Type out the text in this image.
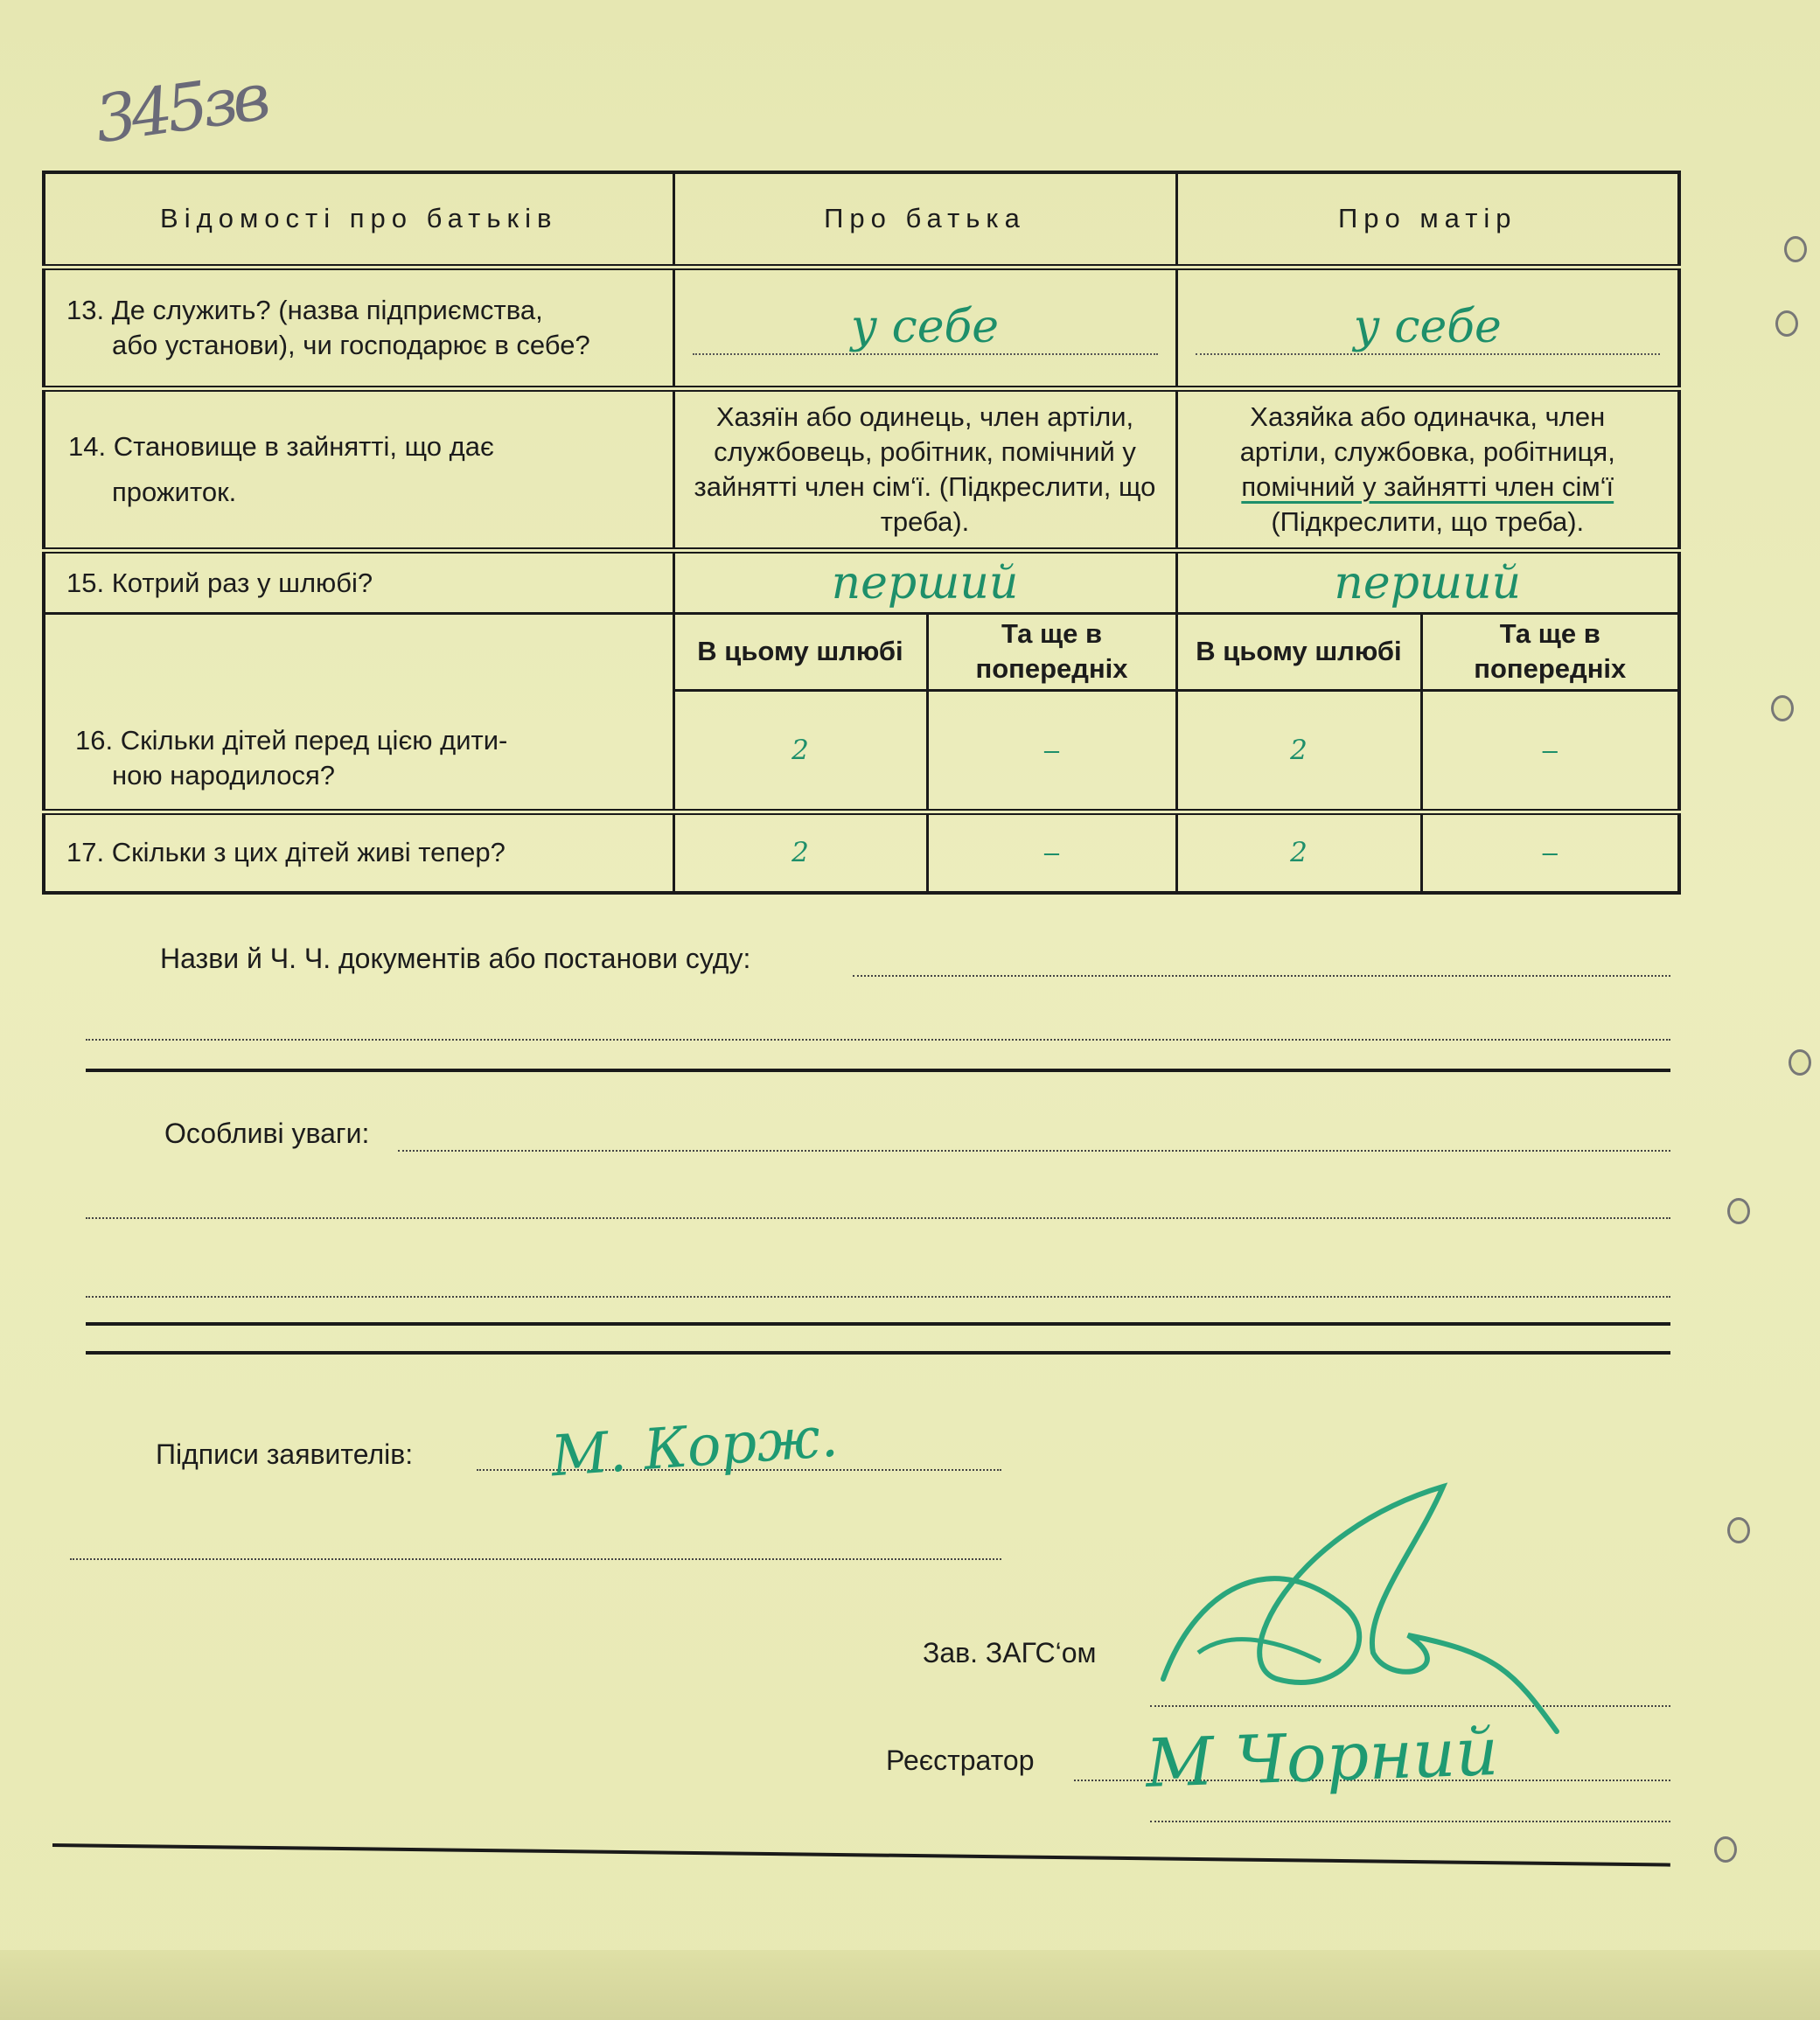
345зв
Відомості про батьків	Про батька		Про матір	
13. Де служить? (назва підприємства,
або установи), чи господарює в себе?	у себе		у себе	

14. Становище в зайнятті, що дає
прожиток.	Хазяїн або одинець, член артіли, службовець, робітник, помічний у зайнятті член сім‘ї. (Підкреслити, що треба).		Хазяйка або одиначка, член
артіли, службовка, робітниця,
помічний у зайнятті член сім‘ї
(Підкреслити, що треба).	

15. Котрий раз у шлюбі?	перший		перший	

16. Скільки дітей перед цією дити-
ною народилося?	В цьому шлюбі	Та ще в попередніх	В цьому шлюбі	Та ще в попередніх
	2	–	2	–
17. Скільки з цих дітей живі тепер?	2	–	2	–
Назви й Ч. Ч. документів або постанови суду:
Особливі уваги:
Підписи заявителів: М. Корж.
Зав. ЗАГС‘ом
Реєстратор М Чорний
